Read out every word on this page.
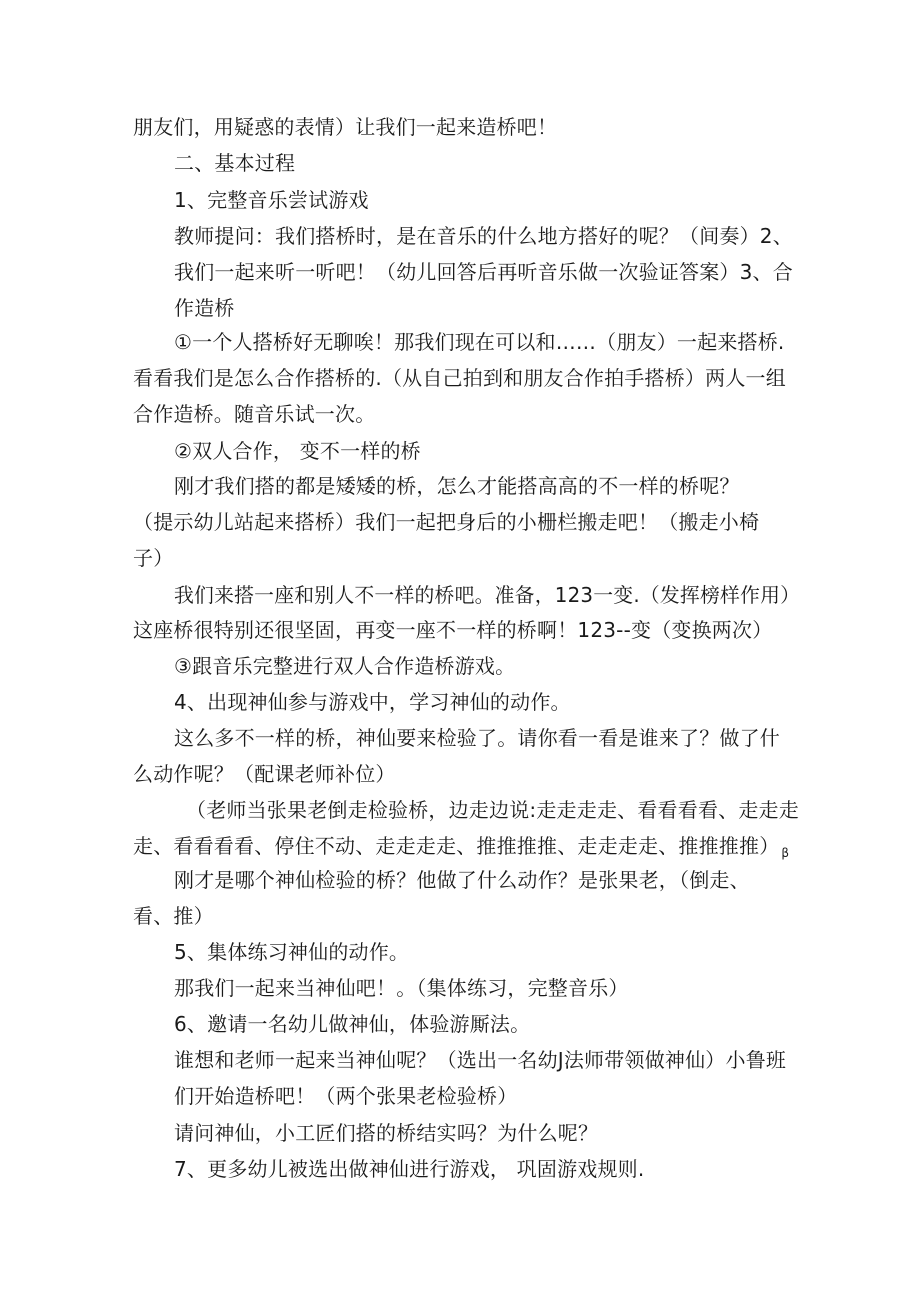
朋友们，用疑惑的表情）让我们一起来造桥吧！
二、基本过程
1、完整音乐尝试游戏
教师提问：我们搭桥时，是在音乐的什么地方搭好的呢？（间奏）2、
我们一起来听一听吧！（幼儿回答后再听音乐做一次验证答案）3、合
作造桥
①一个人搭桥好无聊唉！那我们现在可以和……（朋友）一起来搭桥.
看看我们是怎么合作搭桥的.（从自己拍到和朋友合作拍手搭桥）两人一组
合作造桥。随音乐试一次。
②双人合作， 变不一样的桥
刚才我们搭的都是矮矮的桥，怎么才能搭高高的不一样的桥呢？
（提示幼儿站起来搭桥）我们一起把身后的小栅栏搬走吧！（搬走小椅
子）
我们来搭一座和别人不一样的桥吧。准备，123一变.（发挥榜样作用）
这座桥很特别还很坚固，再变一座不一样的桥啊！123--变（变换两次）
③跟音乐完整进行双人合作造桥游戏。
4、出现神仙参与游戏中，学习神仙的动作。
这么多不一样的桥，神仙要来检验了。请你看一看是谁来了？做了什
么动作呢？（配课老师补位）
（老师当张果老倒走检验桥，边走边说:走走走走、看看看看、走走走
走、看看看看、停住不动、走走走走、推推推推、走走走走、推推推推） $_\beta$
刚才是哪个神仙检验的桥？他做了什么动作？是张果老，（倒走、
看、推）
5、集体练习神仙的动作。
那我们一起来当神仙吧！。（集体练习，完整音乐）
6、邀请一名幼儿做神仙，体验游厮法。
谁想和老师一起来当神仙呢？（选出一名幼J法师带领做神仙）小鲁班
们开始造桥吧！（两个张果老检验桥）
请问神仙，小工匠们搭的桥结实吗？为什么呢？
7、更多幼儿被选出做神仙进行游戏， 巩固游戏规则.
